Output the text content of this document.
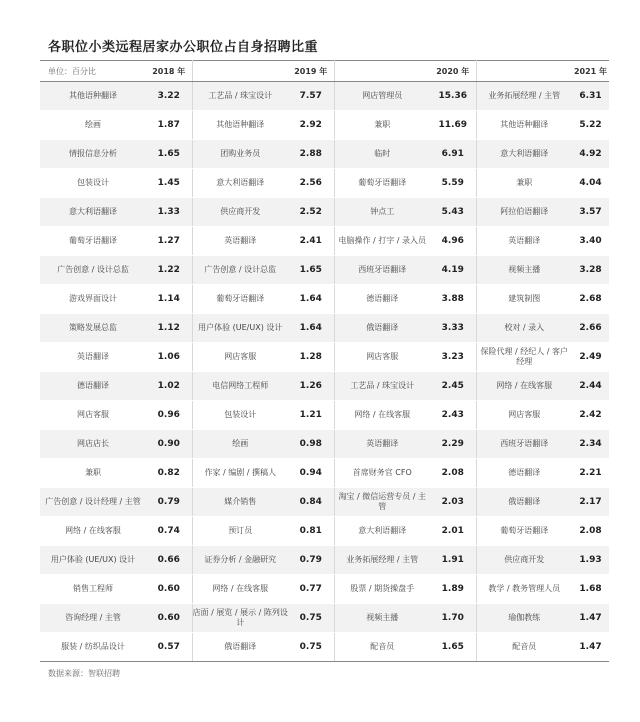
各职位小类远程居家办公职位占自身招聘比重
单位：百分比	2018 年		2019 年		2020 年		2021 年
其他语种翻译	3.22	工艺品 / 珠宝设计	7.57	网店管理员	15.36	业务拓展经理 / 主管	6.31
绘画	1.87	其他语种翻译	2.92	兼职	11.69	其他语种翻译	5.22
情报信息分析	1.65	团购业务员	2.88	临时	6.91	意大利语翻译	4.92
包装设计	1.45	意大利语翻译	2.56	葡萄牙语翻译	5.59	兼职	4.04
意大利语翻译	1.33	供应商开发	2.52	钟点工	5.43	阿拉伯语翻译	3.57
葡萄牙语翻译	1.27	英语翻译	2.41	电脑操作 / 打字 / 录入员	4.96	英语翻译	3.40
广告创意 / 设计总监	1.22	广告创意 / 设计总监	1.65	西班牙语翻译	4.19	视频主播	3.28
游戏界面设计	1.14	葡萄牙语翻译	1.64	德语翻译	3.88	建筑制图	2.68
策略发展总监	1.12	用户体验 (UE/UX) 设计	1.64	俄语翻译	3.33	校对 / 录入	2.66
英语翻译	1.06	网店客服	1.28	网店客服	3.23	保险代理 / 经纪人 / 客户经理	2.49
德语翻译	1.02	电信网络工程师	1.26	工艺品 / 珠宝设计	2.45	网络 / 在线客服	2.44
网店客服	0.96	包装设计	1.21	网络 / 在线客服	2.43	网店客服	2.42
网店店长	0.90	绘画	0.98	英语翻译	2.29	西班牙语翻译	2.34
兼职	0.82	作家 / 编剧 / 撰稿人	0.94	首席财务官 CFO	2.08	德语翻译	2.21
广告创意 / 设计经理 / 主管	0.79	媒介销售	0.84	淘宝 / 微信运营专员 / 主管	2.03	俄语翻译	2.17
网络 / 在线客服	0.74	预订员	0.81	意大利语翻译	2.01	葡萄牙语翻译	2.08
用户体验 (UE/UX) 设计	0.66	证券分析 / 金融研究	0.79	业务拓展经理 / 主管	1.91	供应商开发	1.93
销售工程师	0.60	网络 / 在线客服	0.77	股票 / 期货操盘手	1.89	教学 / 教务管理人员	1.68
咨询经理 / 主管	0.60	店面 / 展览 / 展示 / 陈列设计	0.75	视频主播	1.70	瑜伽教练	1.47
服装 / 纺织品设计	0.57	俄语翻译	0.75	配音员	1.65	配音员	1.47
数据来源：智联招聘
